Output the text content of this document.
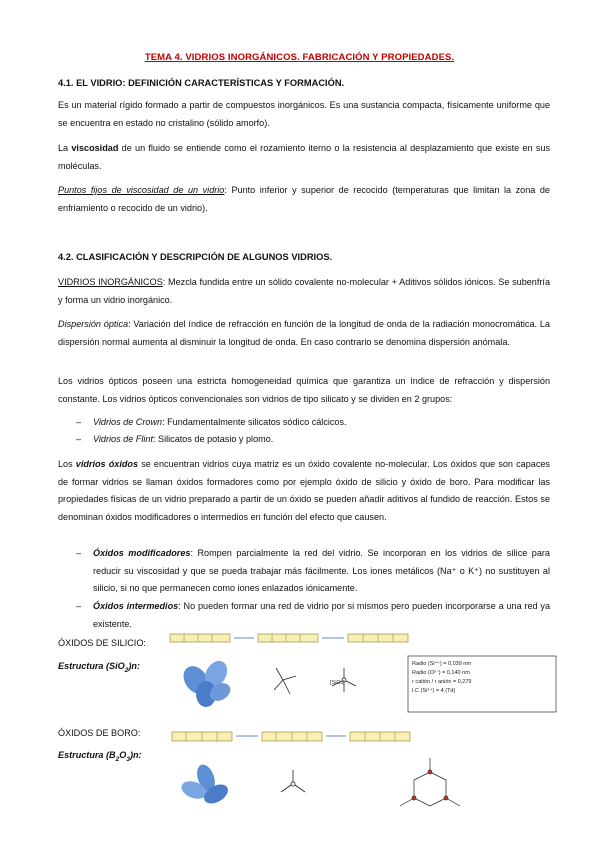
TEMA 4. VIDRIOS INORGÁNICOS. FABRICACIÓN Y PROPIEDADES.
4.1. EL VIDRIO: DEFINICIÓN CARACTERÍSTICAS Y FORMACIÓN.
Es un material rígido formado a partir de compuestos inorgánicos. Es una sustancia compacta, físicamente uniforme que se encuentra en estado no cristalino (sólido amorfo).
La viscosidad de un fluido se entiende como el rozamiento iterno o la resistencia al desplazamiento que existe en sus moléculas.
Puntos fijos de viscosidad de un vidrio: Punto inferior y superior de recocido (temperaturas que limitan la zona de enfriamiento o recocido de un vidrio).
4.2. CLASIFICACIÓN Y DESCRIPCIÓN DE ALGUNOS VIDRIOS.
VIDRIOS INORGÁNICOS: Mezcla fundida entre un sólido covalente no-molecular + Aditivos sólidos iónicos. Se subenfría y forma un vidrio inorgánico.
Dispersión óptica: Variación del índice de refracción en función de la longitud de onda de la radiación monocromática. La dispersión normal aumenta al disminuir la longitud de onda. En caso contrario se denomina dispersión anómala.
Los vidrios ópticos poseen una estricta homogeneidad química que garantiza un índice de refracción y dispersión constante. Los vidrios ópticos convencionales son vidrios de tipo silicato y se dividen en 2 grupos:
– Vidrios de Crown: Fundamentalmente silicatos sódico cálcicos.
– Vidrios de Flint: Silicatos de potasio y plomo.
Los vidrios óxidos se encuentran vidrios cuya matriz es un óxido covalente no-molecular. Los óxidos que son capaces de formar vidrios se llaman óxidos formadores como por ejemplo óxido de silicio y óxido de boro. Para modificar las propiedades físicas de un vidrio preparado a partir de un óxido se pueden añadir aditivos al fundido de reacción. Estos se denominan óxidos modificadores o intermedios en función del efecto que causen.
– Óxidos modificadores: Rompen parcialmente la red del vidrio. Se incorporan en los vidrios de sílice para reducir su viscosidad y que se pueda trabajar más fácilmente. Los iones metálicos (Na⁺ o K⁺) no sustituyen al silicio, si no que permanecen como iones enlazados iónicamente.
– Óxidos intermedios: No pueden formar una red de vidrio por si mismos pero pueden incorporarse a una red ya existente.
ÓXIDOS DE SILICIO:
Estructura (SiO$_2$)n:
[SiO₄]
Radio (Si⁴⁺) = 0,039 nm
Radio (O²⁻) = 0,140 nm
r catión / r anión = 0,279
I.C (Si⁴⁺) = 4 (Td)
ÓXIDOS DE BORO:
Estructura $(B_2O_3)n$:
